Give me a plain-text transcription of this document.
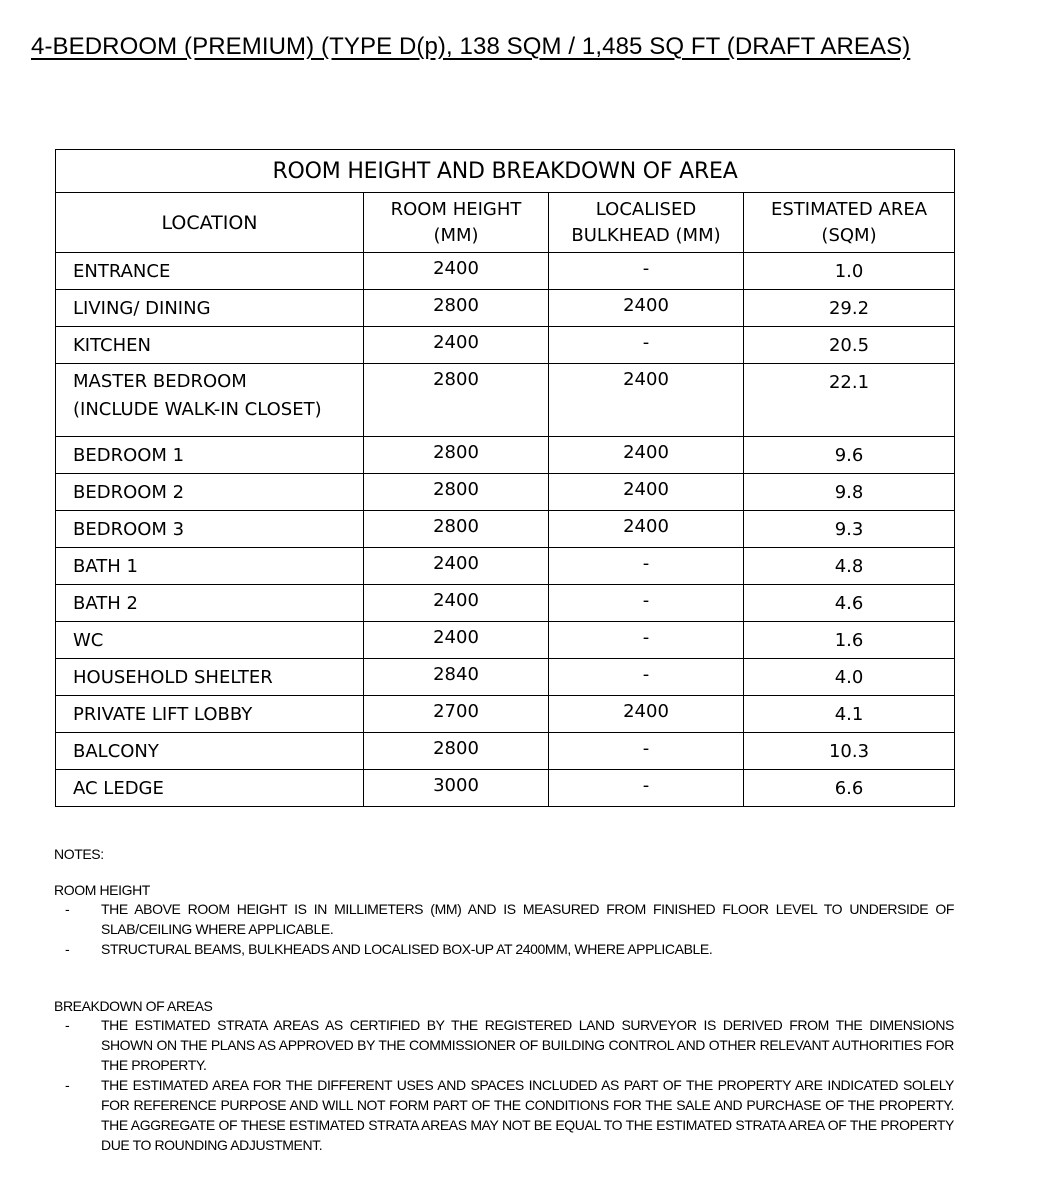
4-BEDROOM (PREMIUM) (TYPE D(p), 138 SQM / 1,485 SQ FT (DRAFT AREAS)
ROOM HEIGHT AND BREAKDOWN OF AREA			
LOCATION	ROOM HEIGHT (MM)	LOCALISED BULKHEAD (MM)	ESTIMATED AREA (SQM)
ENTRANCE	2400	-	1.0
LIVING/ DINING	2800	2400	29.2
KITCHEN	2400	-	20.5
MASTER BEDROOM
(INCLUDE WALK-IN CLOSET)	2800	2400	22.1
BEDROOM 1	2800	2400	9.6
BEDROOM 2	2800	2400	9.8
BEDROOM 3	2800	2400	9.3
BATH 1	2400	-	4.8
BATH 2	2400	-	4.6
WC	2400	-	1.6
HOUSEHOLD SHELTER	2840	-	4.0
PRIVATE LIFT LOBBY	2700	2400	4.1
BALCONY	2800	-	10.3
AC LEDGE	3000	-	6.6

NOTES:

ROOM HEIGHT

- THE ABOVE ROOM HEIGHT IS IN MILLIMETERS (MM) AND IS MEASURED FROM FINISHED FLOOR LEVEL TO UNDERSIDE OF SLAB/CEILING WHERE APPLICABLE.
- STRUCTURAL BEAMS, BULKHEADS AND LOCALISED BOX-UP AT 2400MM, WHERE APPLICABLE.

BREAKDOWN OF AREAS

- THE ESTIMATED STRATA AREAS AS CERTIFIED BY THE REGISTERED LAND SURVEYOR IS DERIVED FROM THE DIMENSIONS SHOWN ON THE PLANS AS APPROVED BY THE COMMISSIONER OF BUILDING CONTROL AND OTHER RELEVANT AUTHORITIES FOR THE PROPERTY.
- THE ESTIMATED AREA FOR THE DIFFERENT USES AND SPACES INCLUDED AS PART OF THE PROPERTY ARE INDICATED SOLELY FOR REFERENCE PURPOSE AND WILL NOT FORM PART OF THE CONDITIONS FOR THE SALE AND PURCHASE OF THE PROPERTY. THE AGGREGATE OF THESE ESTIMATED STRATA AREAS MAY NOT BE EQUAL TO THE ESTIMATED STRATA AREA OF THE PROPERTY DUE TO ROUNDING ADJUSTMENT.
